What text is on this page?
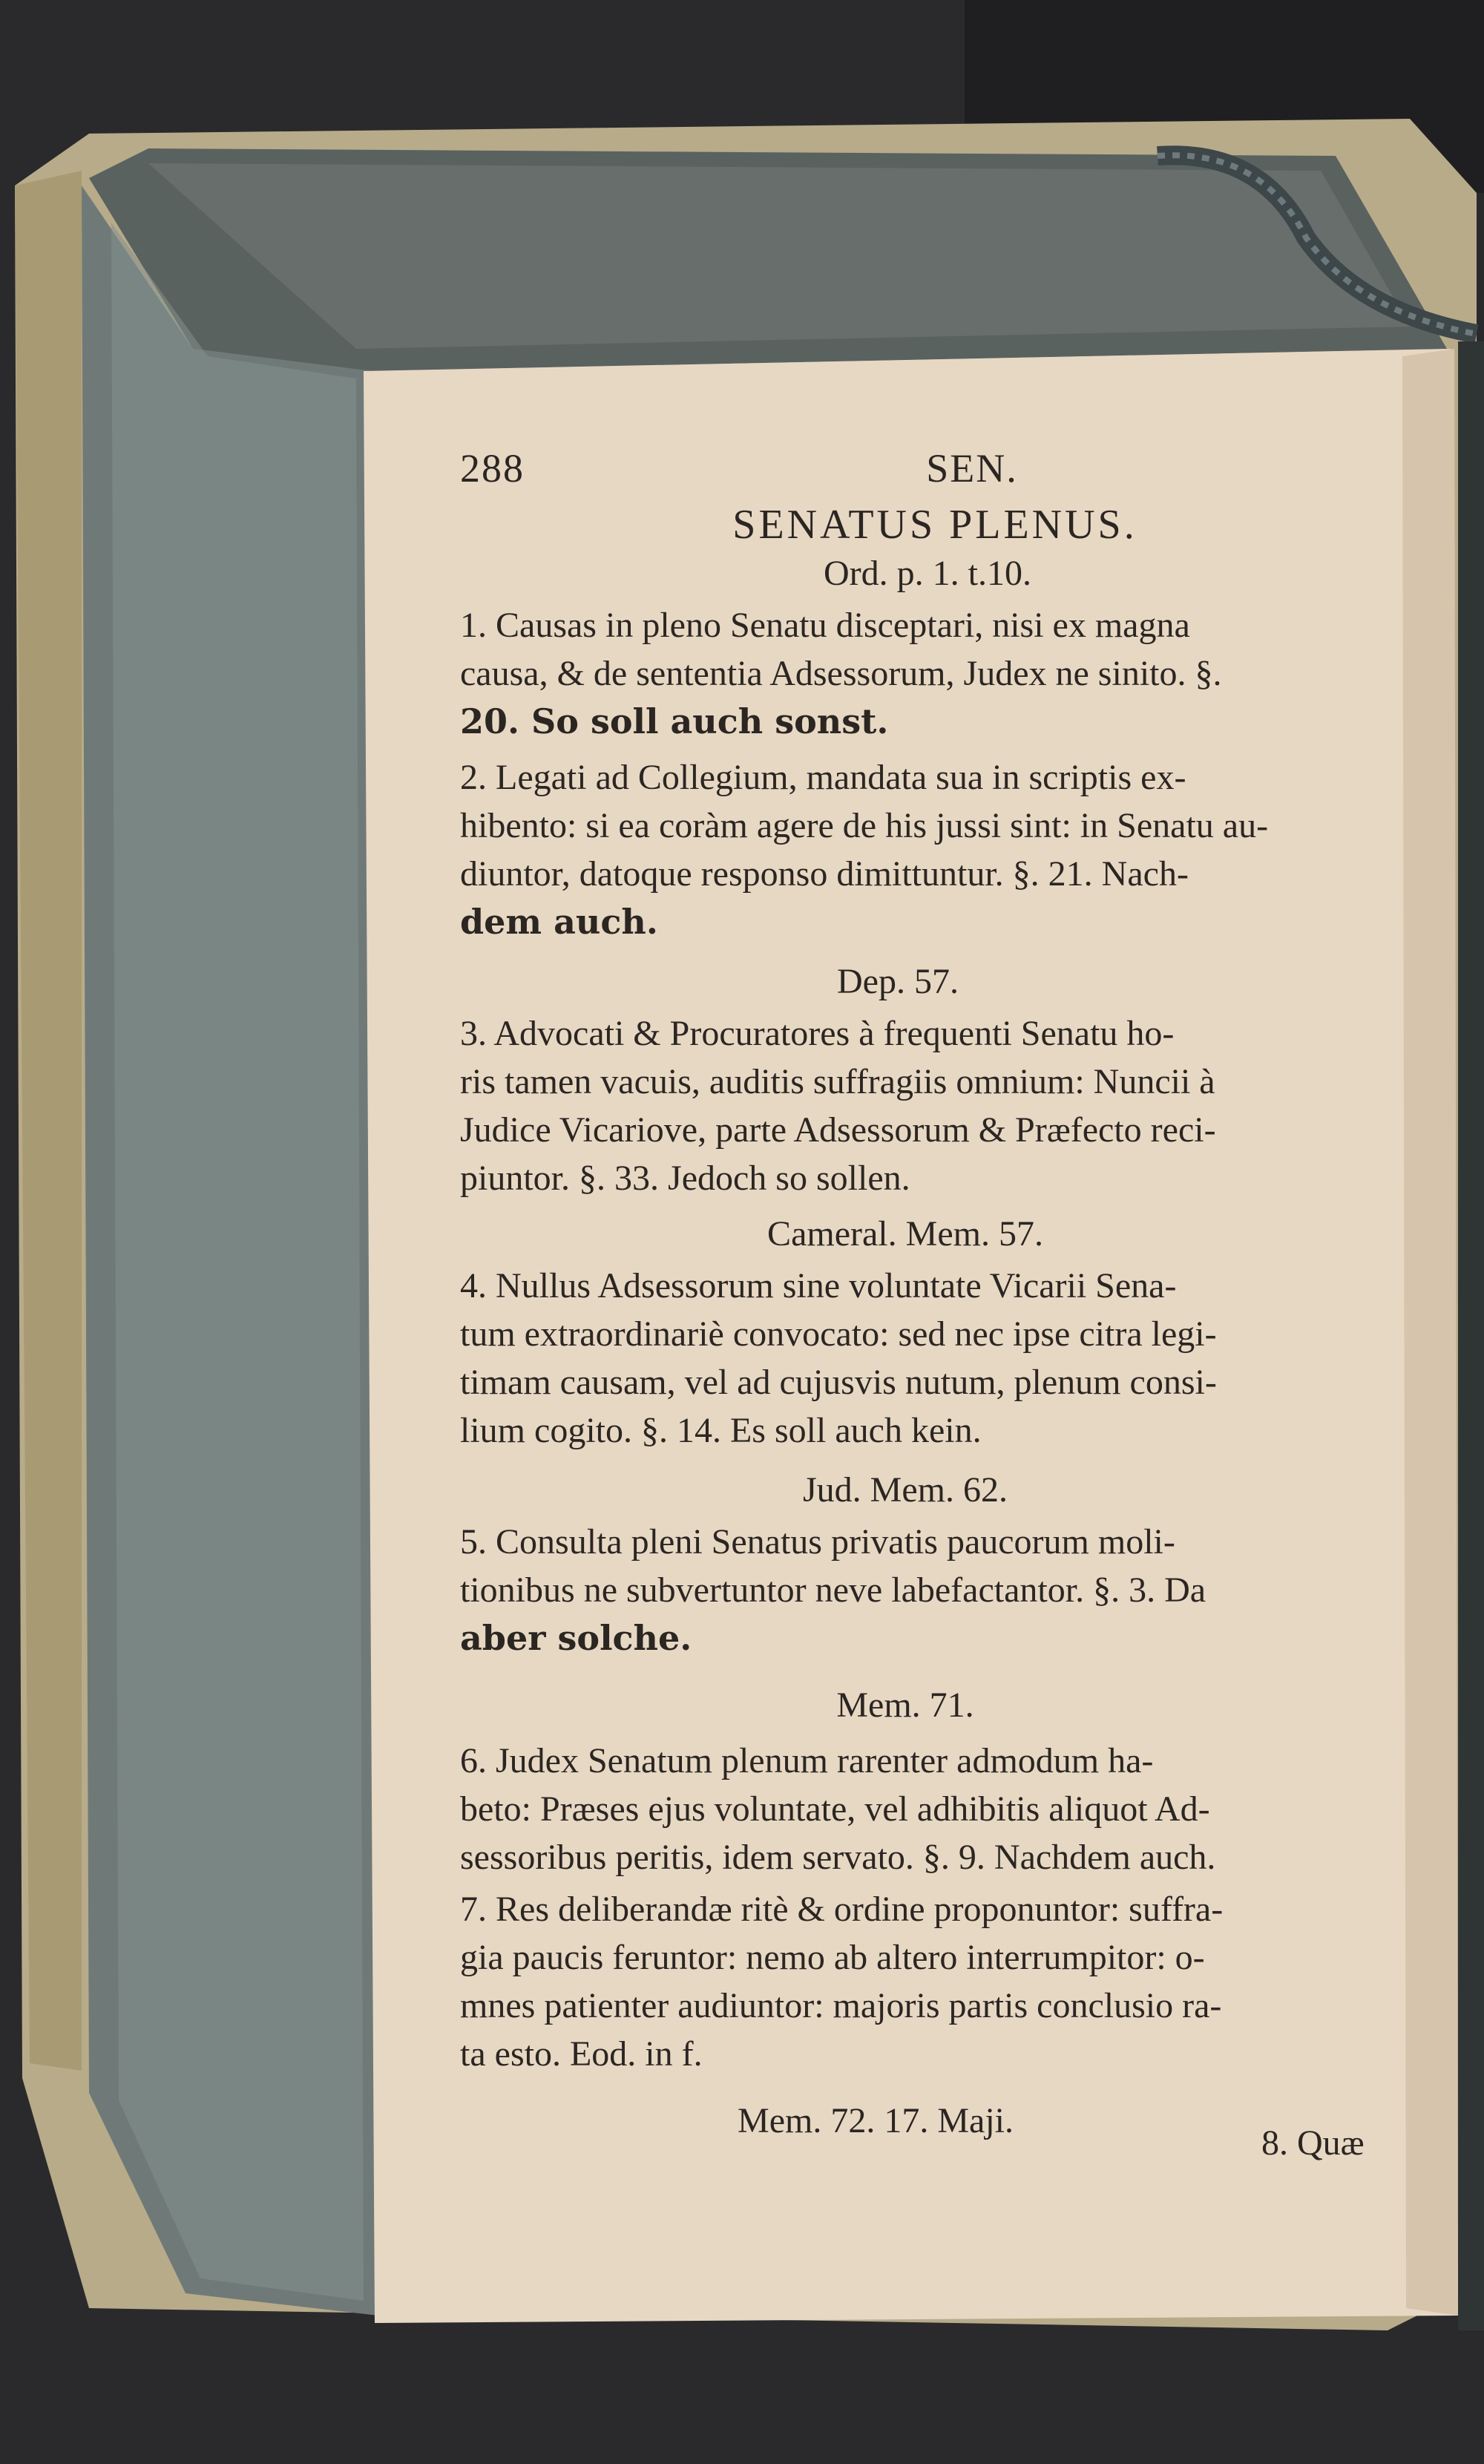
288	SEN.
SENATUS PLENUS.
Ord. p. 1. t.10.
1. Causas in pleno Senatu disceptari, nisi ex magna
causa, & de sententia Adsessorum, Judex ne sinito. §.
20. So soll auch sonst.
2. Legati ad Collegium, mandata sua in scriptis ex-
hibento: si ea coràm agere de his jussi sint: in Senatu au-
diuntor, datoque responso dimittuntur. §. 21. Nach-
dem auch.
Dep. 57.
3. Advocati & Procuratores à frequenti Senatu ho-
ris tamen vacuis, auditis suffragiis omnium: Nuncii à
Judice Vicariove, parte Adsessorum & Præfecto reci-
piuntor. §. 33. Jedoch so sollen.
Cameral. Mem. 57.
4. Nullus Adsessorum sine voluntate Vicarii Sena-
tum extraordinariè convocato: sed nec ipse citra legi-
timam causam, vel ad cujusvis nutum, plenum consi-
lium cogito. §. 14. Es soll auch kein.
Jud. Mem. 62.
5. Consulta pleni Senatus privatis paucorum moli-
tionibus ne subvertuntor neve labefactantor. §. 3. Da
aber solche.
Mem. 71.
6. Judex Senatum plenum rarenter admodum ha-
beto: Præses ejus voluntate, vel adhibitis aliquot Ad-
sessoribus peritis, idem servato. §. 9. Nachdem auch.
7. Res deliberandæ ritè & ordine proponuntor: suffra-
gia paucis feruntor: nemo ab altero interrumpitor: o-
mnes patienter audiuntor: majoris partis conclusio ra-
ta esto. Eod. in f.
Mem. 72. 17. Maji.
8. Quæ
